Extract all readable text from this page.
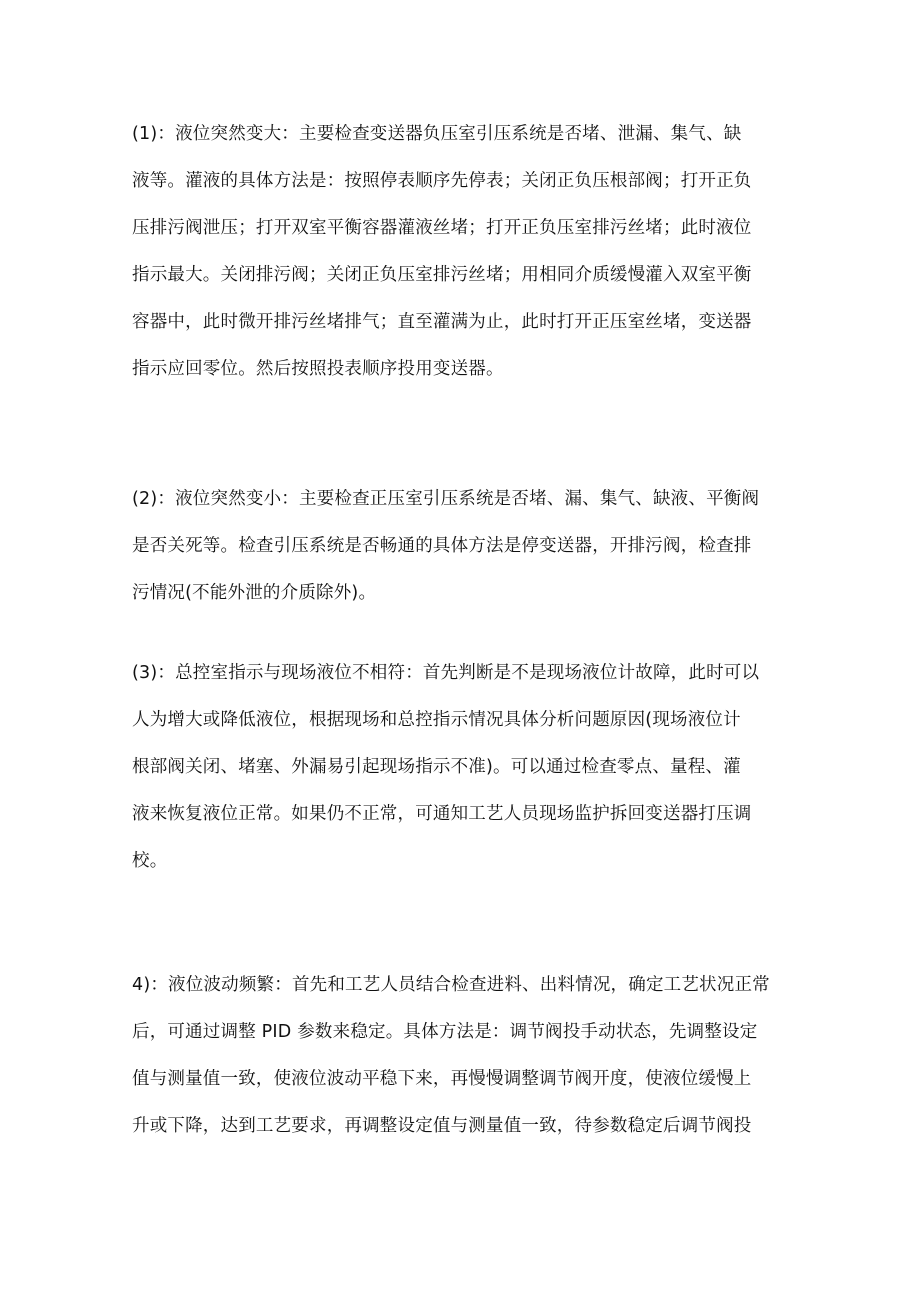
(1)：液位突然变大：主要检查变送器负压室引压系统是否堵、泄漏、集气、缺
液等。灌液的具体方法是：按照停表顺序先停表；关闭正负压根部阀；打开正负
压排污阀泄压；打开双室平衡容器灌液丝堵；打开正负压室排污丝堵；此时液位
指示最大。关闭排污阀；关闭正负压室排污丝堵；用相同介质缓慢灌入双室平衡
容器中，此时微开排污丝堵排气；直至灌满为止，此时打开正压室丝堵，变送器
指示应回零位。然后按照投表顺序投用变送器。
(2)：液位突然变小：主要检查正压室引压系统是否堵、漏、集气、缺液、平衡阀
是否关死等。检查引压系统是否畅通的具体方法是停变送器，开排污阀，检查排
污情况(不能外泄的介质除外)。
(3)：总控室指示与现场液位不相符：首先判断是不是现场液位计故障，此时可以
人为增大或降低液位，根据现场和总控指示情况具体分析问题原因(现场液位计
根部阀关闭、堵塞、外漏易引起现场指示不准)。可以通过检查零点、量程、灌
液来恢复液位正常。如果仍不正常，可通知工艺人员现场监护拆回变送器打压调
校。
4)：液位波动频繁：首先和工艺人员结合检查进料、出料情况，确定工艺状况正常
后，可通过调整 PID 参数来稳定。具体方法是：调节阀投手动状态，先调整设定
值与测量值一致，使液位波动平稳下来，再慢慢调整调节阀开度，使液位缓慢上
升或下降，达到工艺要求，再调整设定值与测量值一致，待参数稳定后调节阀投
